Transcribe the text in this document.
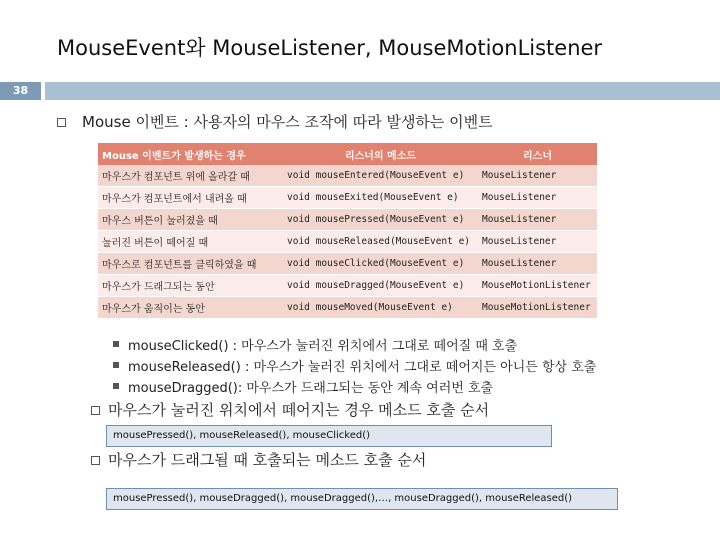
MouseEvent와 MouseListener, MouseMotionListener
38
Mouse 이벤트 : 사용자의 마우스 조작에 따라 발생하는 이벤트
Mouse 이벤트가 발생하는 경우	리스너의 메소드	리스너
마우스가 컴포넌트 위에 올라갈 때	void mouseEntered(MouseEvent e)	MouseListener
마우스가 컴포넌트에서 내려올 때	void mouseExited(MouseEvent e)	MouseListener
마우스 버튼이 눌러졌을 때	void mousePressed(MouseEvent e)	MouseListener
눌러진 버튼이 떼어질 때	void mouseReleased(MouseEvent e)	MouseListener
마우스로 컴포넌트를 클릭하였을 때	void mouseClicked(MouseEvent e)	MouseListener
마우스가 드래그되는 동안	void mouseDragged(MouseEvent e)	MouseMotionListener
마우스가 움직이는 동안	void mouseMoved(MouseEvent e)	MouseMotionListener
mouseClicked() : 마우스가 눌러진 위치에서 그대로 떼어질 때 호출
mouseReleased() : 마우스가 눌러진 위치에서 그대로 떼어지든 아니든 항상 호출
mouseDragged(): 마우스가 드래그되는 동안 계속 여러번 호출
마우스가 눌러진 위치에서 떼어지는 경우 메소드 호출 순서
mousePressed(), mouseReleased(), mouseClicked()
마우스가 드래그될 때 호출되는 메소드 호출 순서
mousePressed(), mouseDragged(), mouseDragged(),…, mouseDragged(), mouseReleased()
